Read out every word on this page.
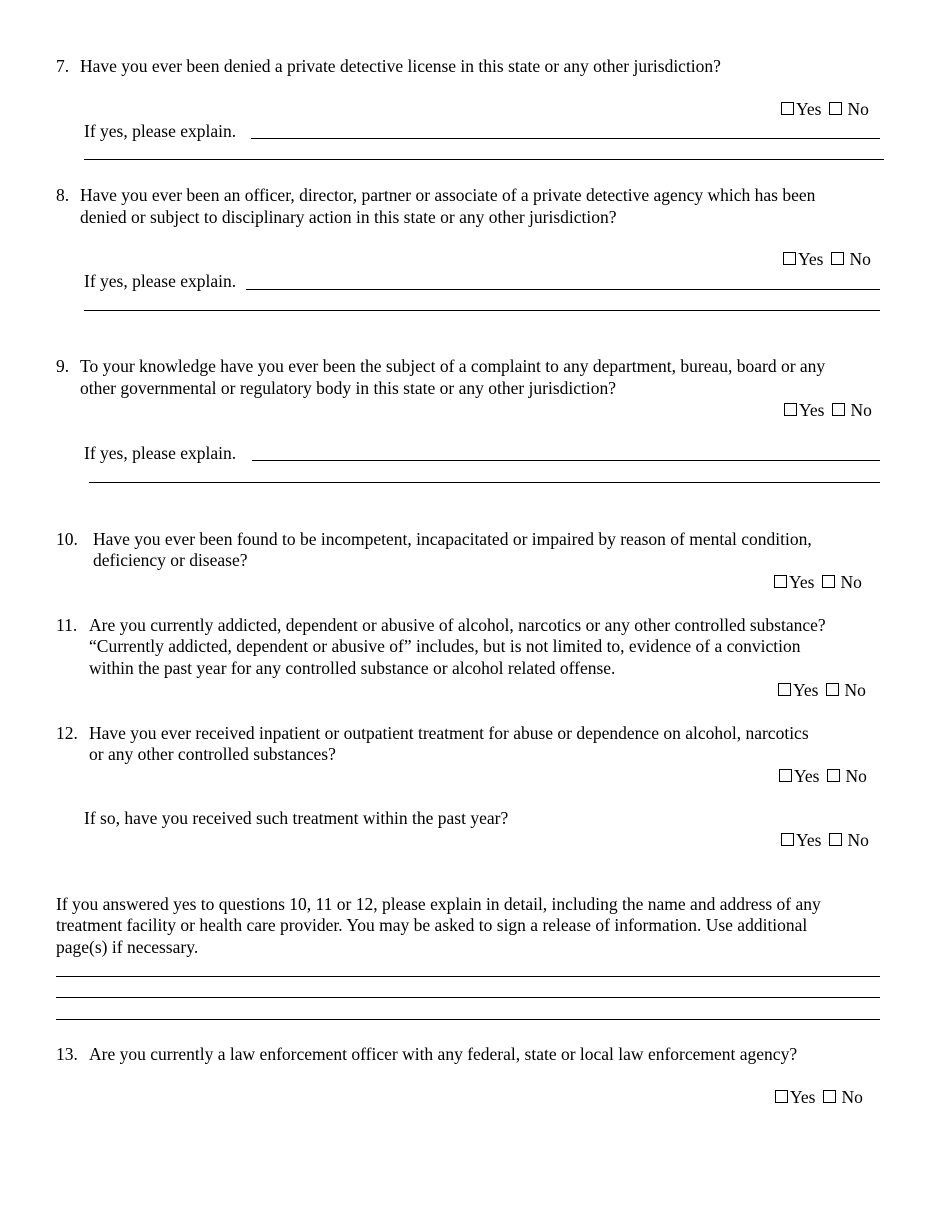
7. Have you ever been denied a private detective license in this state or any other jurisdiction?
Yes No
If yes, please explain.
8. Have you ever been an officer, director, partner or associate of a private detective agency which has been
denied or subject to disciplinary action in this state or any other jurisdiction?
Yes No
If yes, please explain.
9. To your knowledge have you ever been the subject of a complaint to any department, bureau, board or any
other governmental or regulatory body in this state or any other jurisdiction?
Yes No
If yes, please explain.
10. Have you ever been found to be incompetent, incapacitated or impaired by reason of mental condition,
deficiency or disease?
Yes No
11. Are you currently addicted, dependent or abusive of alcohol, narcotics or any other controlled substance?
“Currently addicted, dependent or abusive of” includes, but is not limited to, evidence of a conviction
within the past year for any controlled substance or alcohol related offense.
Yes No
12. Have you ever received inpatient or outpatient treatment for abuse or dependence on alcohol, narcotics
or any other controlled substances?
Yes No
If so, have you received such treatment within the past year?
Yes No
If you answered yes to questions 10, 11 or 12, please explain in detail, including the name and address of any
treatment facility or health care provider. You may be asked to sign a release of information. Use additional
page(s) if necessary.
13. Are you currently a law enforcement officer with any federal, state or local law enforcement agency?
Yes No
